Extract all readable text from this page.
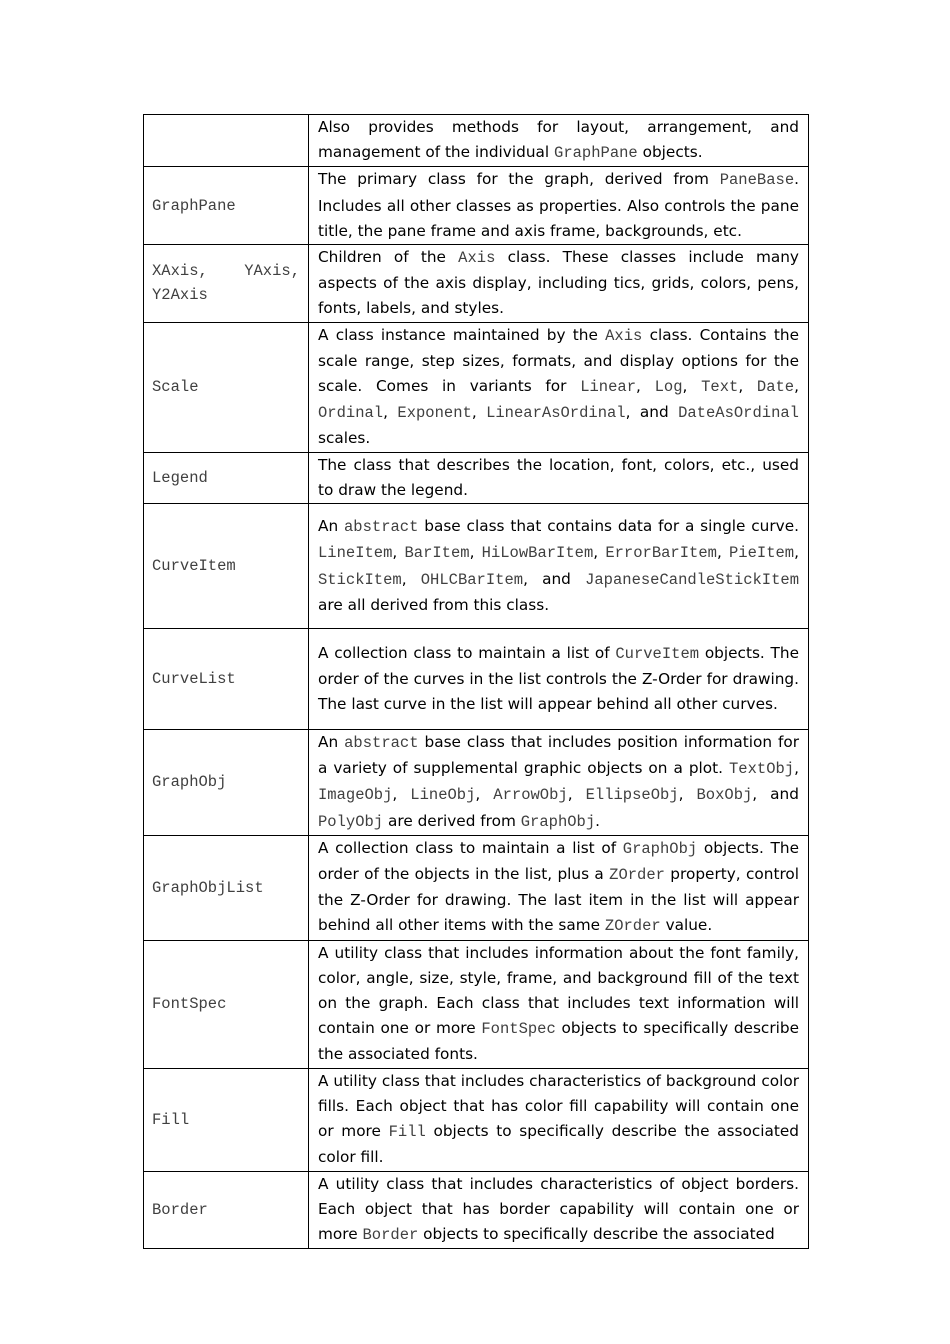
	Also provides methods for layout, arrangement, and management of the individual GraphPane objects.

GraphPane	The primary class for the graph, derived from PaneBase. Includes all other classes as properties. Also controls the pane title, the pane frame and axis frame, backgrounds, etc.

XAxis, YAxis, Y2Axis	Children of the Axis class. These classes include many aspects of the axis display, including tics, grids, colors, pens, fonts, labels, and styles.

Scale	A class instance maintained by the Axis class. Contains the scale range, step sizes, formats, and display options for the scale. Comes in variants for Linear, Log, Text, Date, Ordinal, Exponent, LinearAsOrdinal, and DateAsOrdinal scales.

Legend	The class that describes the location, font, colors, etc., used to draw the legend.

CurveItem	An abstract base class that contains data for a single curve. LineItem, BarItem, HiLowBarItem, ErrorBarItem, PieItem, StickItem, OHLCBarItem, and JapaneseCandleStickItem are all derived from this class.

CurveList	A collection class to maintain a list of CurveItem objects. The order of the curves in the list controls the Z-Order for drawing. The last curve in the list will appear behind all other curves.

GraphObj	An abstract base class that includes position information for a variety of supplemental graphic objects on a plot. TextObj, ImageObj, LineObj, ArrowObj, EllipseObj, BoxObj, and PolyObj are derived from GraphObj.

GraphObjList	A collection class to maintain a list of GraphObj objects. The order of the objects in the list, plus a ZOrder property, control the Z-Order for drawing. The last item in the list will appear behind all other items with the same ZOrder value.

FontSpec	A utility class that includes information about the font family, color, angle, size, style, frame, and background fill of the text on the graph. Each class that includes text information will contain one or more FontSpec objects to specifically describe the associated fonts.

Fill	A utility class that includes characteristics of background color fills. Each object that has color fill capability will contain one or more Fill objects to specifically describe the associated color fill.

Border	A utility class that includes characteristics of object borders. Each object that has border capability will contain one or more Border objects to specifically describe the associated
